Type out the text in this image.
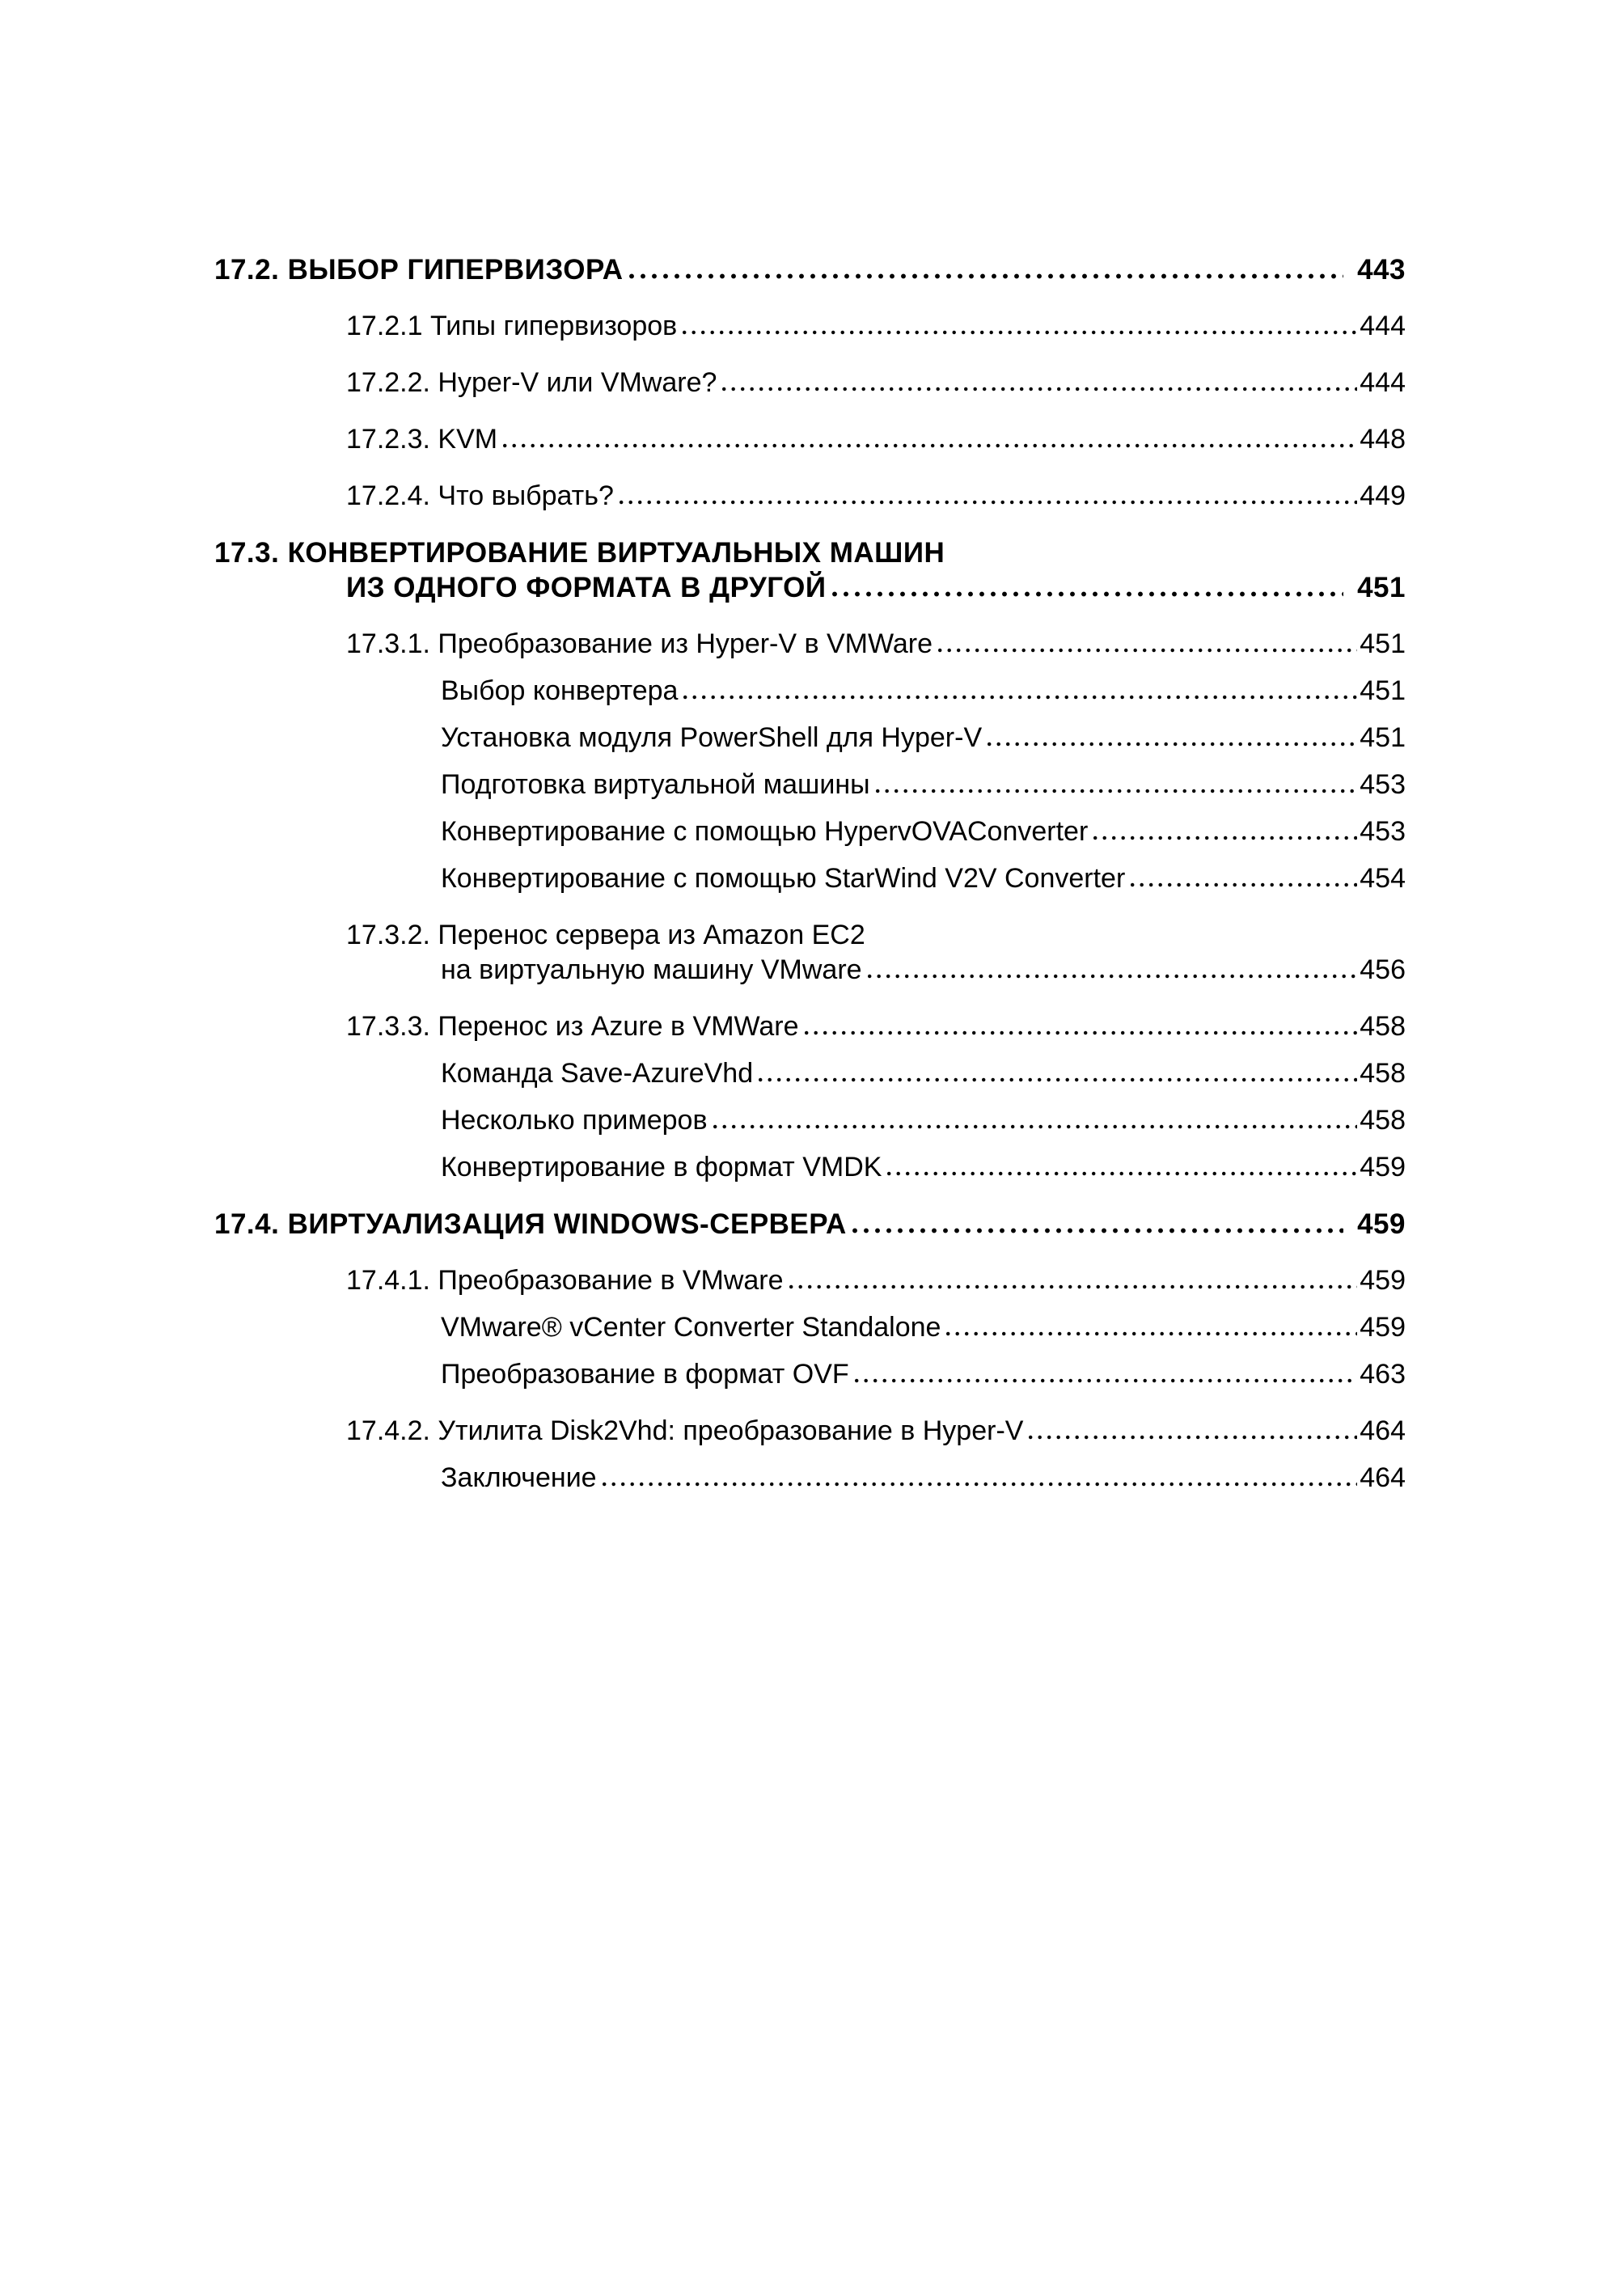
17.2. ВЫБОР ГИПЕРВИЗОРА	443
17.2.1 Типы гипервизоров	444
17.2.2. Hyper-V или VMware?	444
17.2.3. KVM	448
17.2.4. Что выбрать?	449
17.3. КОНВЕРТИРОВАНИЕ ВИРТУАЛЬНЫХ МАШИН
ИЗ ОДНОГО ФОРМАТА В ДРУГОЙ	451
17.3.1. Преобразование из Hyper-V в VMWare	451
Выбор конвертера	451
Установка модуля PowerShell для Hyper-V	451
Подготовка виртуальной машины	453
Конвертирование с помощью HypervOVAConverter	453
Конвертирование с помощью StarWind V2V Converter	454
17.3.2. Перенос сервера из Amazon EC2
на виртуальную машину VMware	456
17.3.3. Перенос из Azure в VMWare	458
Команда Save-AzureVhd	458
Несколько примеров	458
Конвертирование в формат VMDK	459
17.4. ВИРТУАЛИЗАЦИЯ WINDOWS-СЕРВЕРА	459
17.4.1. Преобразование в VMware	459
VMware® vCenter Converter Standalone	459
Преобразование в формат OVF	463
17.4.2. Утилита Disk2Vhd: преобразование в Hyper-V	464
Заключение	464
